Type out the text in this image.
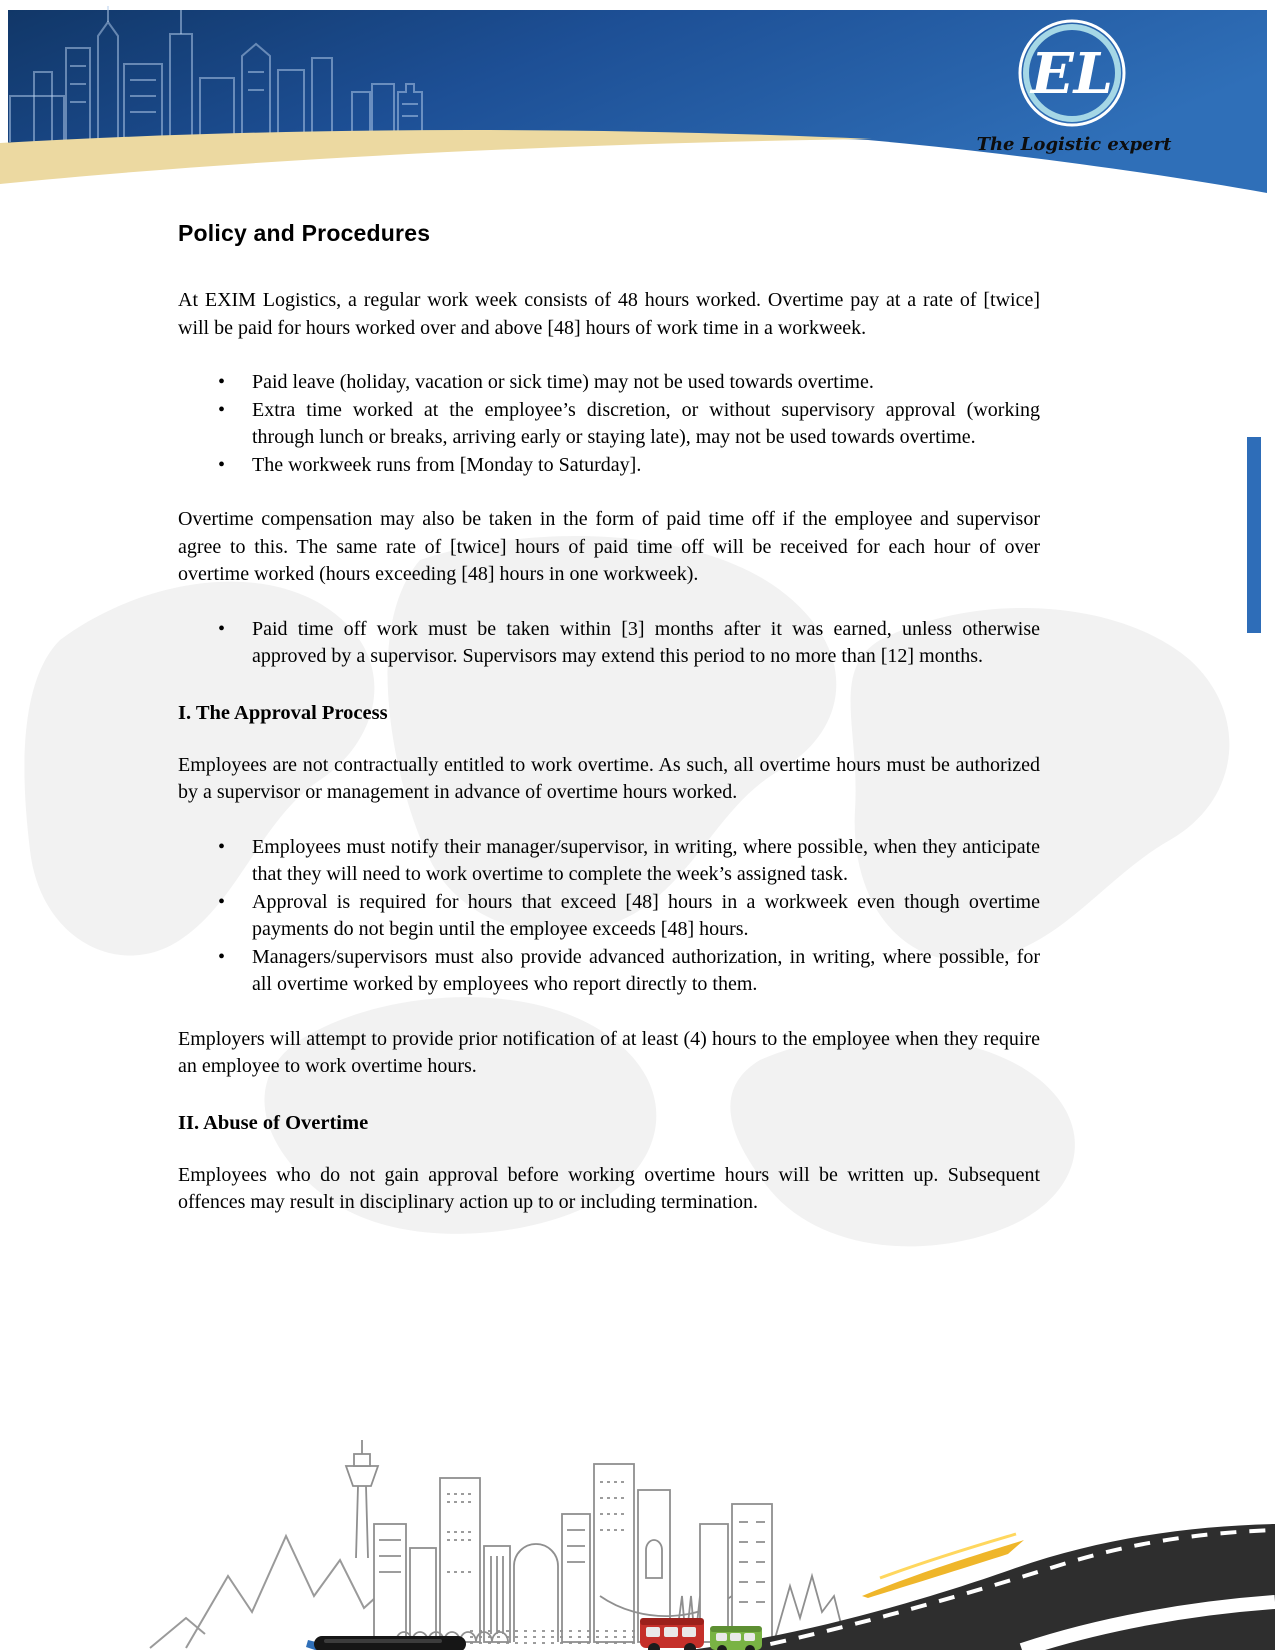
EL
The Logistic expert
Policy and Procedures

At EXIM Logistics, a regular work week consists of 48 hours worked. Overtime pay at a rate of [twice] will be paid for hours worked over and above [48] hours of work time in a workweek.

• Paid leave (holiday, vacation or sick time) may not be used towards overtime.
• Extra time worked at the employee’s discretion, or without supervisory approval (working through lunch or breaks, arriving early or staying late), may not be used towards overtime.
• The workweek runs from [Monday to Saturday].

Overtime compensation may also be taken in the form of paid time off if the employee and supervisor agree to this. The same rate of [twice] hours of paid time off will be received for each hour of over overtime worked (hours exceeding [48] hours in one workweek).

• Paid time off work must be taken within [3] months after it was earned, unless otherwise approved by a supervisor. Supervisors may extend this period to no more than [12] months.
I. The Approval Process

Employees are not contractually entitled to work overtime. As such, all overtime hours must be authorized by a supervisor or management in advance of overtime hours worked.

• Employees must notify their manager/supervisor, in writing, where possible, when they anticipate that they will need to work overtime to complete the week’s assigned task.
• Approval is required for hours that exceed [48] hours in a workweek even though overtime payments do not begin until the employee exceeds [48] hours.
• Managers/supervisors must also provide advanced authorization, in writing, where possible, for all overtime worked by employees who report directly to them.

Employers will attempt to provide prior notification of at least (4) hours to the employee when they require an employee to work overtime hours.

II. Abuse of Overtime

Employees who do not gain approval before working overtime hours will be written up. Subsequent offences may result in disciplinary action up to or including termination.
